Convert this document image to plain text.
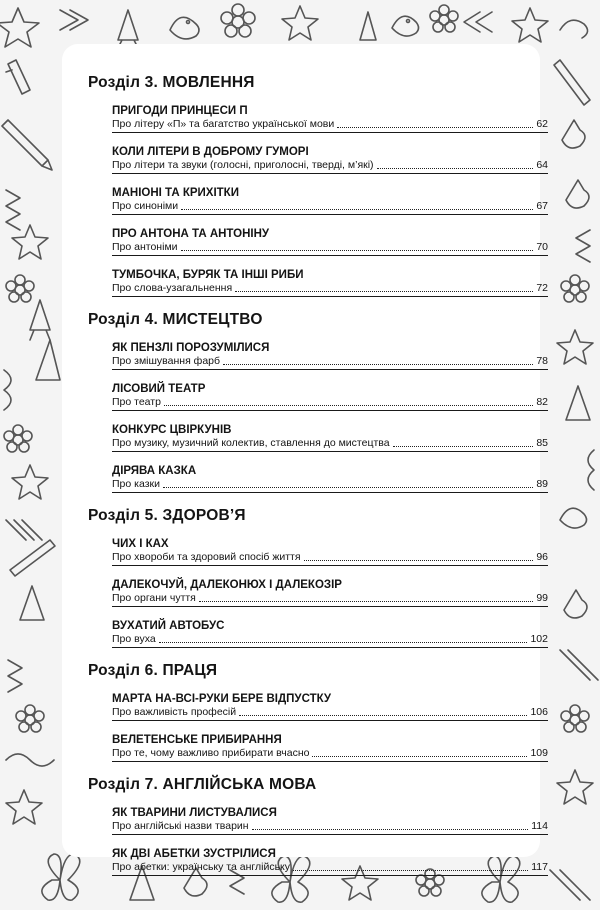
Розділ 3. МОВЛЕННЯ
ПРИГОДИ ПРИНЦЕСИ П
Про літеру «П» та багатство української мови	62
КОЛИ ЛІТЕРИ В ДОБРОМУ ГУМОРІ
Про літери та звуки (голосні, приголосні, тверді, м’які)	64
МАНІОНІ ТА КРИХІТКИ
Про синоніми	67
ПРО АНТОНА ТА АНТОНІНУ
Про антоніми	70
ТУМБОЧКА, БУРЯК ТА ІНШІ РИБИ
Про слова-узагальнення	72
Розділ 4. МИСТЕЦТВО
ЯК ПЕНЗЛІ ПОРОЗУМІЛИСЯ
Про змішування фарб	78
ЛІСОВИЙ ТЕАТР
Про театр	82
КОНКУРС ЦВІРКУНІВ
Про музику, музичний колектив, ставлення до мистецтва	85
ДІРЯВА КАЗКА
Про казки	89
Розділ 5. ЗДОРОВ’Я
ЧИХ І КАХ
Про хвороби та здоровий спосіб життя	96
ДАЛЕКОЧУЙ, ДАЛЕКОНЮХ І ДАЛЕКОЗІР
Про органи чуття	99
ВУХАТИЙ АВТОБУС
Про вуха	102
Розділ 6. ПРАЦЯ
МАРТА НА-ВСІ-РУКИ БЕРЕ ВІДПУСТКУ
Про важливість професій	106
ВЕЛЕТЕНСЬКЕ ПРИБИРАННЯ
Про те, чому важливо прибирати вчасно	109
Розділ 7. АНГЛІЙСЬКА МОВА
ЯК ТВАРИНИ ЛИСТУВАЛИСЯ
Про англійські назви тварин	114
ЯК ДВІ АБЕТКИ ЗУСТРІЛИСЯ
Про абетки: українську та англійську	117
